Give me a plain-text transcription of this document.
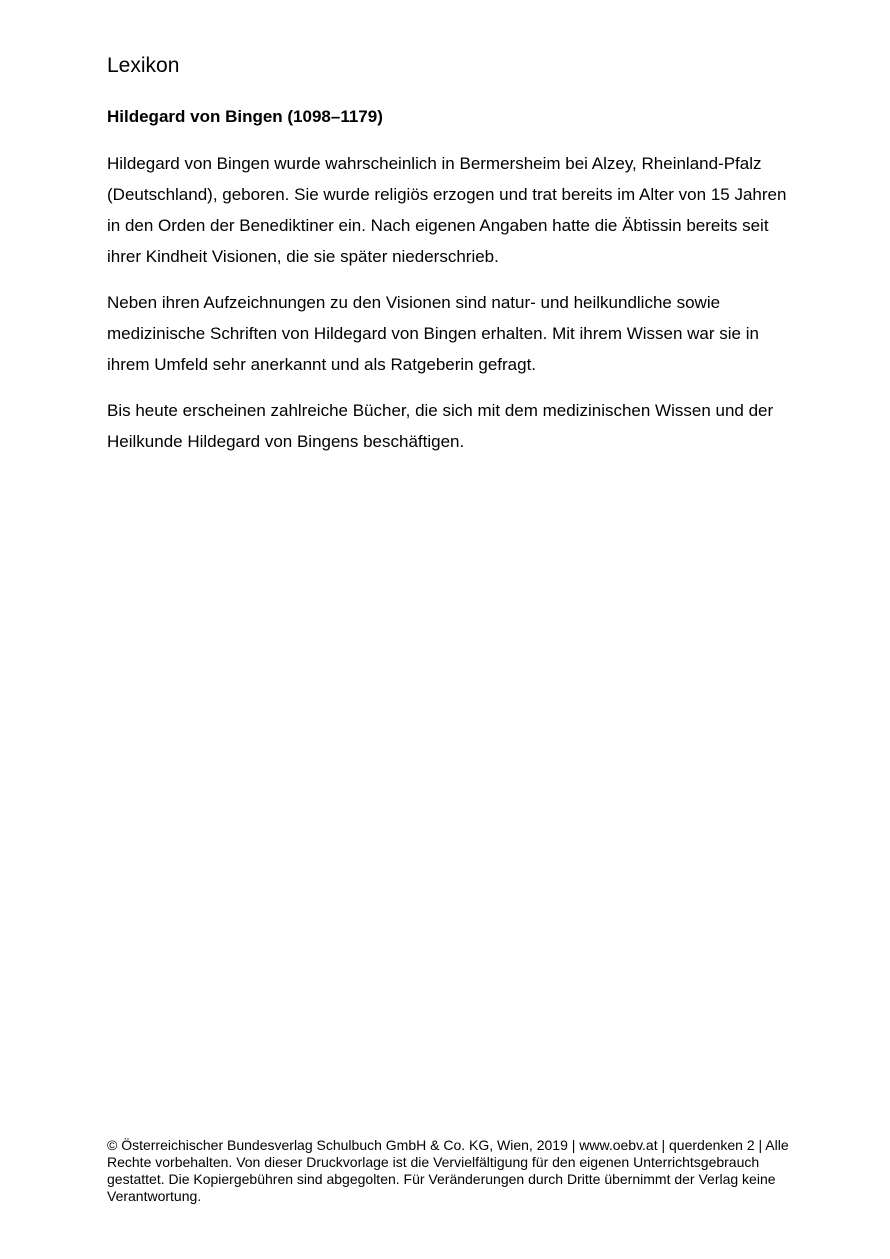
Lexikon
Hildegard von Bingen (1098–1179)

Hildegard von Bingen wurde wahrscheinlich in Bermersheim bei Alzey, Rheinland-Pfalz (Deutschland), geboren. Sie wurde religiös erzogen und trat bereits im Alter von 15 Jahren in den Orden der Benediktiner ein. Nach eigenen Angaben hatte die Äbtissin bereits seit ihrer Kindheit Visionen, die sie später niederschrieb.

Neben ihren Aufzeichnungen zu den Visionen sind natur- und heilkundliche sowie medizinische Schriften von Hildegard von Bingen erhalten. Mit ihrem Wissen war sie in ihrem Umfeld sehr anerkannt und als Ratgeberin gefragt.

Bis heute erscheinen zahlreiche Bücher, die sich mit dem medizinischen Wissen und der Heilkunde Hildegard von Bingens beschäftigen.

© Österreichischer Bundesverlag Schulbuch GmbH & Co. KG, Wien, 2019 | www.oebv.at | querdenken 2 | Alle Rechte vorbehalten. Von dieser Druckvorlage ist die Vervielfältigung für den eigenen Unterrichtsgebrauch gestattet. Die Kopiergebühren sind abgegolten. Für Veränderungen durch Dritte übernimmt der Verlag keine Verantwortung.
